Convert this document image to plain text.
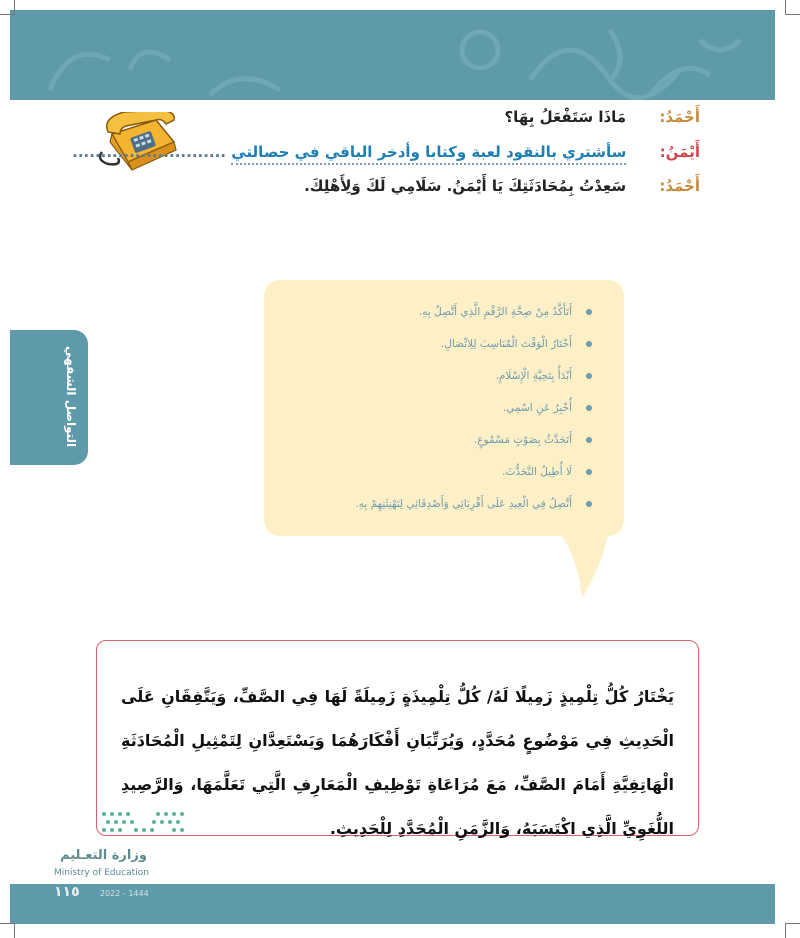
أَحْمَدُ: مَاذَا سَتَفْعَلُ بِهَا؟
أَيْمَنُ: سأشتري بالنقود لعبة وكتابا وأدخر الباقي في حصالتي ...........................
أَحْمَدُ: سَعِدْتُ بِمُحَادَثَتِكَ يَا أَيْمَنُ. سَلَامِي لَكَ وَلِأَهْلِكَ.
التواصل الشفهي
أَتَأَكَّدُ مِنْ صِحَّةِ الرَّقْمِ الَّذِي أَتَّصِلُ بِهِ.
أَخْتَارُ الْوَقْتَ الْمُنَاسِبَ لِلِاتِّصَالِ.
أَبْدَأُ بِتَحِيَّةِ الْإِسْلَامِ.
أُخْبِرُ عَنِ اسْمِي.
أَتَحَدَّثُ بِصَوْتٍ مَسْمُوعٍ.
لَا أُطِيلُ التَّحَدُّثَ.
أَتَّصِلُ فِي الْعِيدِ عَلَى أَقْرِبَائِي وَأَصْدِقَائِي لِتَهْنِئَتِهِمْ بِهِ.
يَخْتَارُ كُلُّ تِلْمِيذٍ زَمِيلًا لَهُ/ كُلُّ تِلْمِيذَةٍ زَمِيلَةً لَهَا فِي الصَّفِّ، وَيَتَّفِقَانِ عَلَى الْحَدِيثِ فِي مَوْضُوعٍ مُحَدَّدٍ، وَيُرَتِّبَانِ أَفْكَارَهُمَا وَيَسْتَعِدَّانِ لِتَمْثِيلِ الْمُحَادَثَةِ الْهَاتِفِيَّةِ أَمَامَ الصَّفِّ، مَعَ مُرَاعَاةِ تَوْظِيفِ الْمَعَارِفِ الَّتِي تَعَلَّمَهَا، وَالرَّصِيدِ اللُّغَوِيِّ الَّذِي اكْتَسَبَهُ، وَالزَّمَنِ الْمُحَدَّدِ لِلْحَدِيثِ.
وزارة التعـليم
Ministry of Education
١١٥	2022 - 1444
